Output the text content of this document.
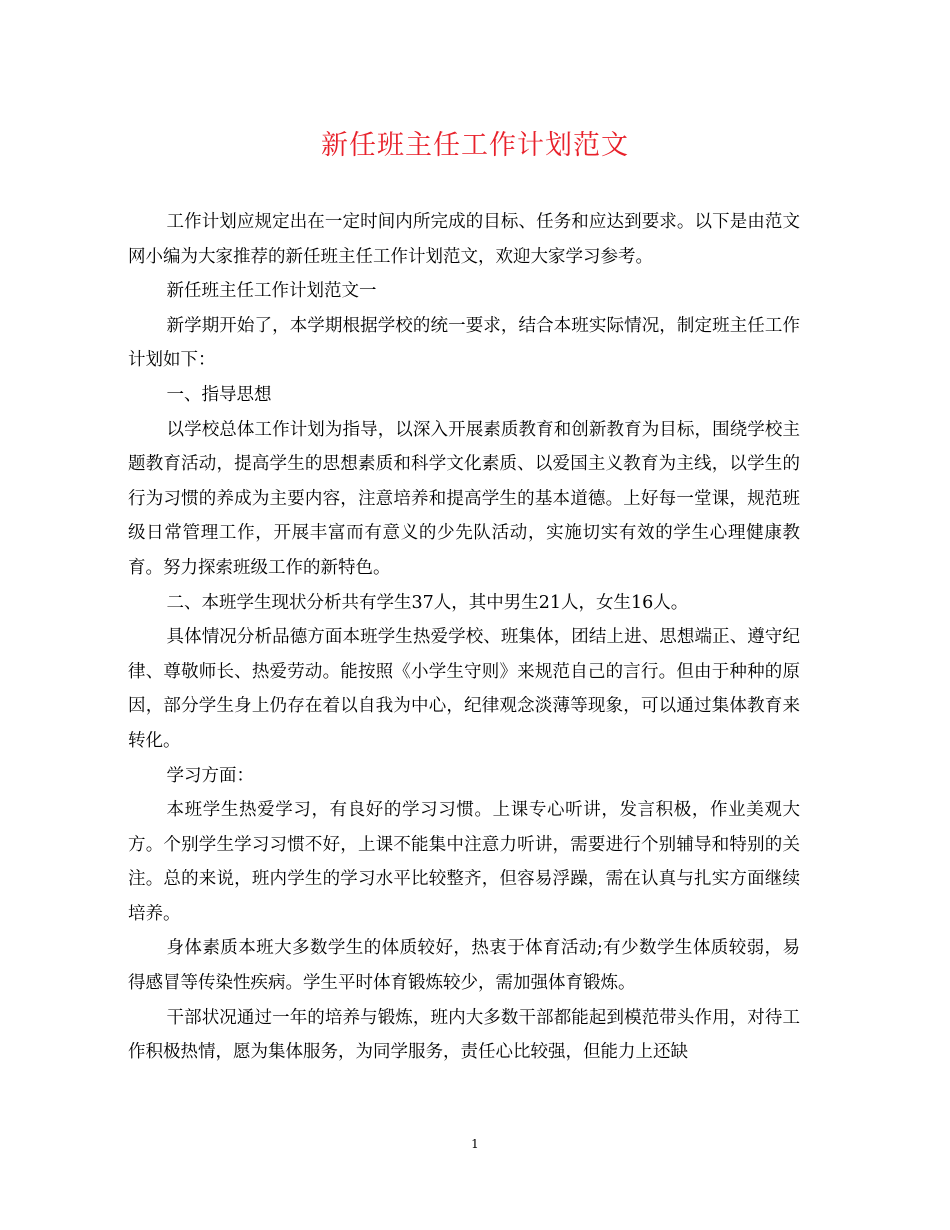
新任班主任工作计划范文

工作计划应规定出在一定时间内所完成的目标、任务和应达到要求。以下是由范文网小编为大家推荐的新任班主任工作计划范文，欢迎大家学习参考。

新任班主任工作计划范文一

新学期开始了，本学期根据学校的统一要求，结合本班实际情况，制定班主任工作计划如下：

一、指导思想

以学校总体工作计划为指导，以深入开展素质教育和创新教育为目标，围绕学校主题教育活动，提高学生的思想素质和科学文化素质、以爱国主义教育为主线，以学生的行为习惯的养成为主要内容，注意培养和提高学生的基本道德。上好每一堂课，规范班级日常管理工作，开展丰富而有意义的少先队活动，实施切实有效的学生心理健康教育。努力探索班级工作的新特色。

二、本班学生现状分析共有学生37人，其中男生21人，女生16人。

具体情况分析品德方面本班学生热爱学校、班集体，团结上进、思想端正、遵守纪律、尊敬师长、热爱劳动。能按照《小学生守则》来规范自己的言行。但由于种种的原因，部分学生身上仍存在着以自我为中心，纪律观念淡薄等现象，可以通过集体教育来转化。

学习方面：

本班学生热爱学习，有良好的学习习惯。上课专心听讲，发言积极，作业美观大方。个别学生学习习惯不好，上课不能集中注意力听讲，需要进行个别辅导和特别的关注。总的来说，班内学生的学习水平比较整齐，但容易浮躁，需在认真与扎实方面继续培养。

身体素质本班大多数学生的体质较好，热衷于体育活动;有少数学生体质较弱，易得感冒等传染性疾病。学生平时体育锻炼较少，需加强体育锻炼。

干部状况通过一年的培养与锻炼，班内大多数干部都能起到模范带头作用，对待工作积极热情，愿为集体服务，为同学服务，责任心比较强，但能力上还缺

1
